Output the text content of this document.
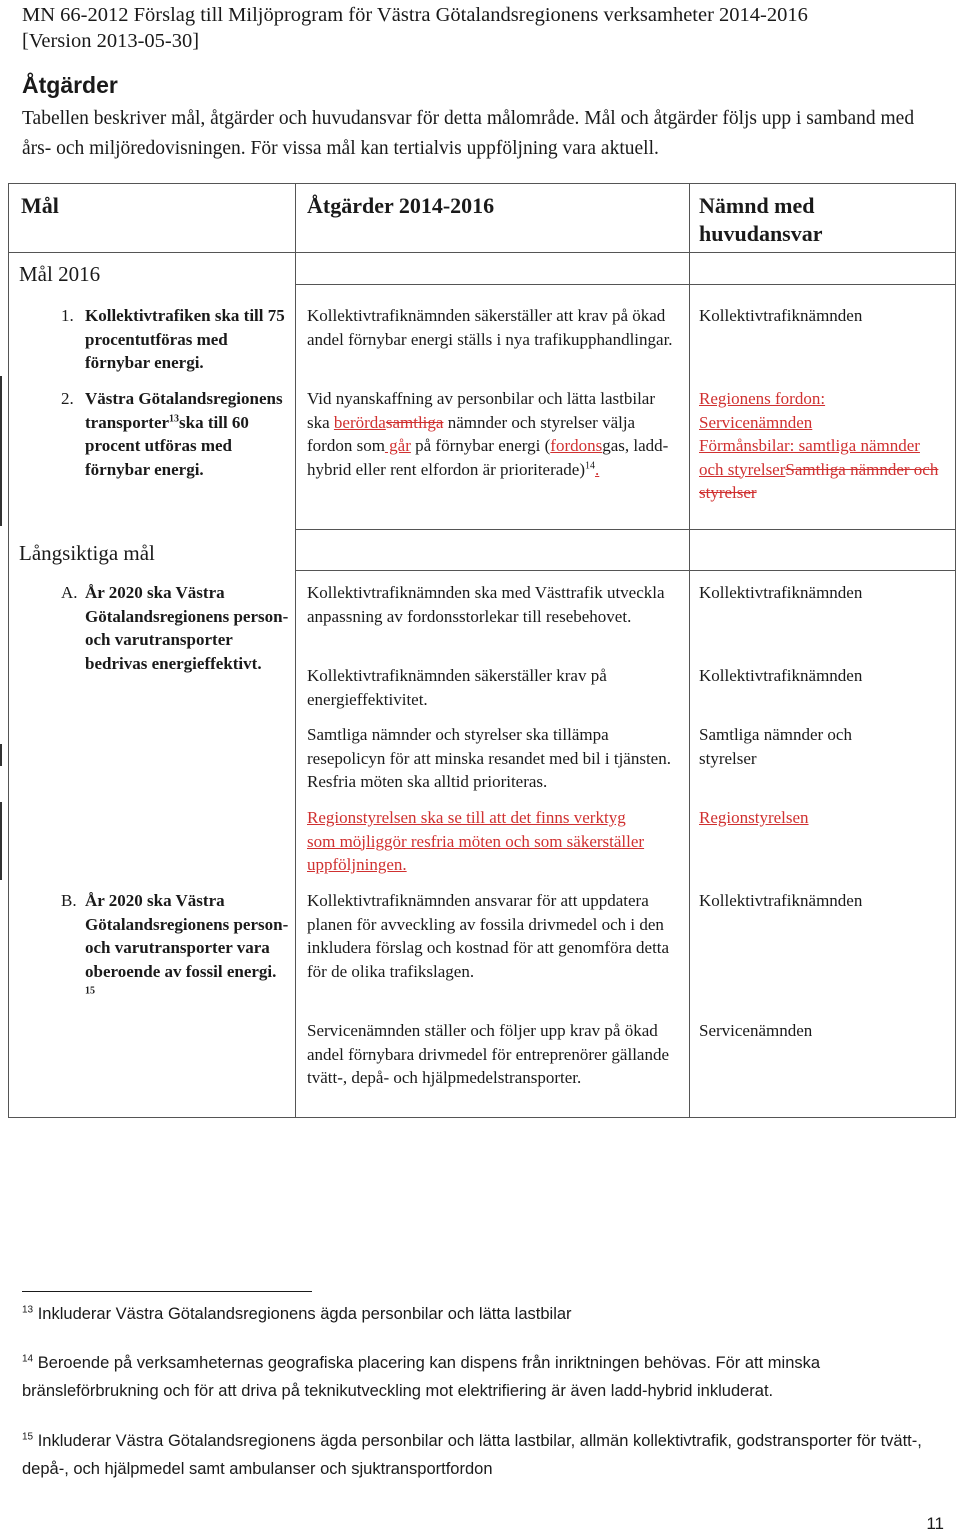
MN 66-2012 Förslag till Miljöprogram för Västra Götalandsregionens verksamheter 2014-2016
[Version 2013-05-30]
Åtgärder
Tabellen beskriver mål, åtgärder och huvudansvar för detta målområde. Mål och åtgärder följs upp i samband med års- och miljöredovisningen. För vissa mål kan tertialvis uppföljning vara aktuell.
Mål	Åtgärder 2014-2016	Nämnd med huvudansvar
Mål 2016
1. Kollektivtrafiken ska till 75 procentutföras med förnybar energi.
Kollektivtrafiknämnden säkerställer att krav på ökad andel förnybar energi ställs i nya trafikupphandlingar.
Kollektivtrafiknämnden
2. Västra Götalandsregionens transporter$^{13}$ska till 60 procent utföras med förnybar energi.
Vid nyanskaffning av personbilar och lätta lastbilar ska berördasamtliga nämnder och styrelser välja fordon som går på förnybar energi (fordonsgas, ladd-hybrid eller rent elfordon är prioriterade)$^{14}$.
Regionens fordon:
Servicenämnden
Förmånsbilar: samtliga nämnder och styrelserSamtliga nämnder och styrelser
Långsiktiga mål
A. År 2020 ska Västra Götalandsregionens person- och varutransporter bedrivas energieffektivt.
Kollektivtrafiknämnden ska med Västtrafik utveckla anpassning av fordonsstorlekar till resebehovet.
Kollektivtrafiknämnden säkerställer krav på energieffektivitet.
Samtliga nämnder och styrelser ska tillämpa resepolicyn för att minska resandet med bil i tjänsten. Resfria möten ska alltid prioriteras.
Regionstyrelsen ska se till att det finns verktyg som möjliggör resfria möten och som säkerställer uppföljningen.
Kollektivtrafiknämnden
Kollektivtrafiknämnden
Samtliga nämnder och styrelser
Regionstyrelsen
B. År 2020 ska Västra Götalandsregionens person- och varutransporter vara oberoende av fossil energi. $^{15}$
Kollektivtrafiknämnden ansvarar för att uppdatera planen för avveckling av fossila drivmedel och i den inkludera förslag och kostnad för att genomföra detta för de olika trafikslagen.
Servicenämnden ställer och följer upp krav på ökad andel förnybara drivmedel för entreprenörer gällande tvätt-, depå- och hjälpmedelstransporter.
Kollektivtrafiknämnden
Servicenämnden
$^{13}$ Inkluderar Västra Götalandsregionens ägda personbilar och lätta lastbilar
$^{14}$ Beroende på verksamheternas geografiska placering kan dispens från inriktningen behövas. För att minska bränsleförbrukning och för att driva på teknikutveckling mot elektrifiering är även ladd-hybrid inkluderat.
$^{15}$ Inkluderar Västra Götalandsregionens ägda personbilar och lätta lastbilar, allmän kollektivtrafik, godstransporter för tvätt-, depå-, och hjälpmedel samt ambulanser och sjuktransportfordon
11
